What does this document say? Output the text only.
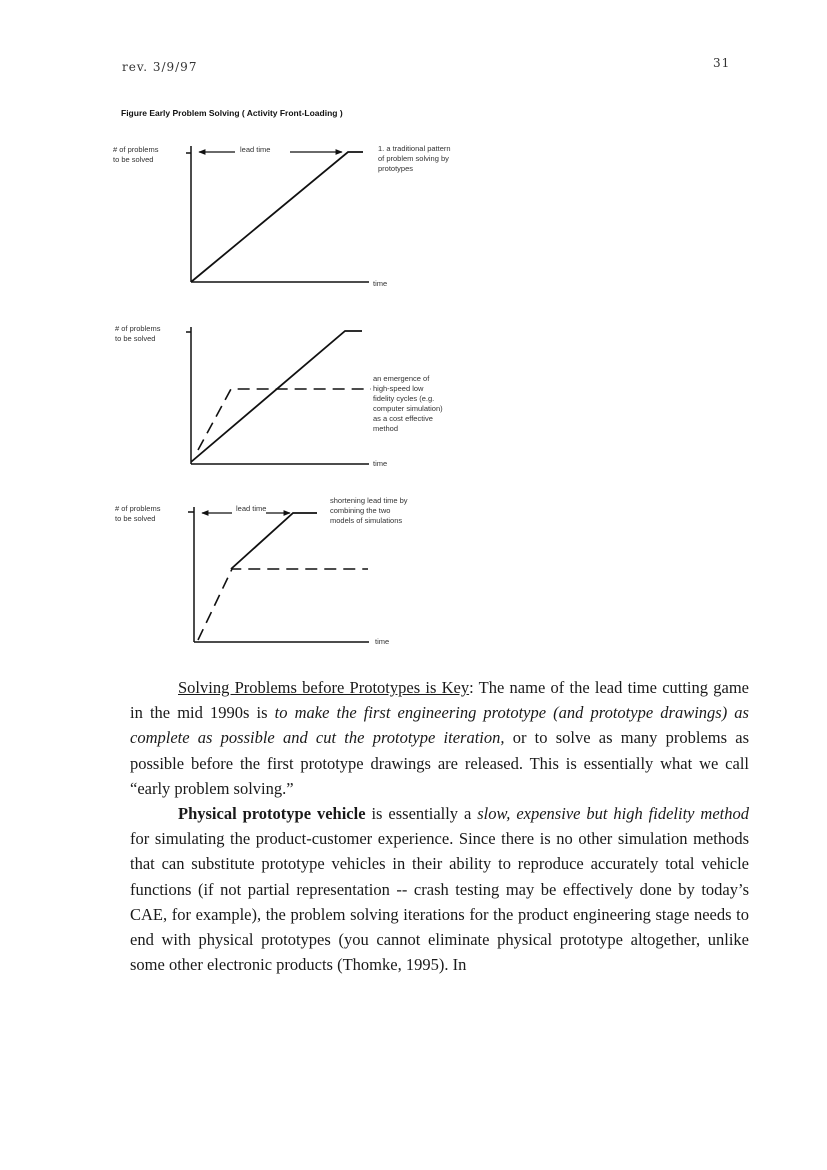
rev. 3/9/97	31
Figure Early Problem Solving ( Activity Front-Loading )
# of problems
to be solved
lead time
time
1. a traditional pattern
of problem solving by
prototypes
# of problems
to be solved
an emergence of
high-speed low
fidelity cycles (e.g.
computer simulation)
as a cost effective
method
time
# of problems
to be solved
lead time
shortening lead time by
combining the two
models of simulations
time

Solving Problems before Prototypes is Key: The name of the lead time cutting game in the mid 1990s is to make the first engineering prototype (and prototype drawings) as complete as possible and cut the prototype iteration, or to solve as many problems as possible before the first prototype drawings are released. This is essentially what we call “early problem solving.”

Physical prototype vehicle is essentially a slow, expensive but high fidelity method for simulating the product-customer experience. Since there is no other simulation methods that can substitute prototype vehicles in their ability to reproduce accurately total vehicle functions (if not partial representation -- crash testing may be effectively done by today’s CAE, for example), the problem solving iterations for the product engineering stage needs to end with physical prototypes (you cannot eliminate physical prototype altogether, unlike some other electronic products (Thomke, 1995). In
